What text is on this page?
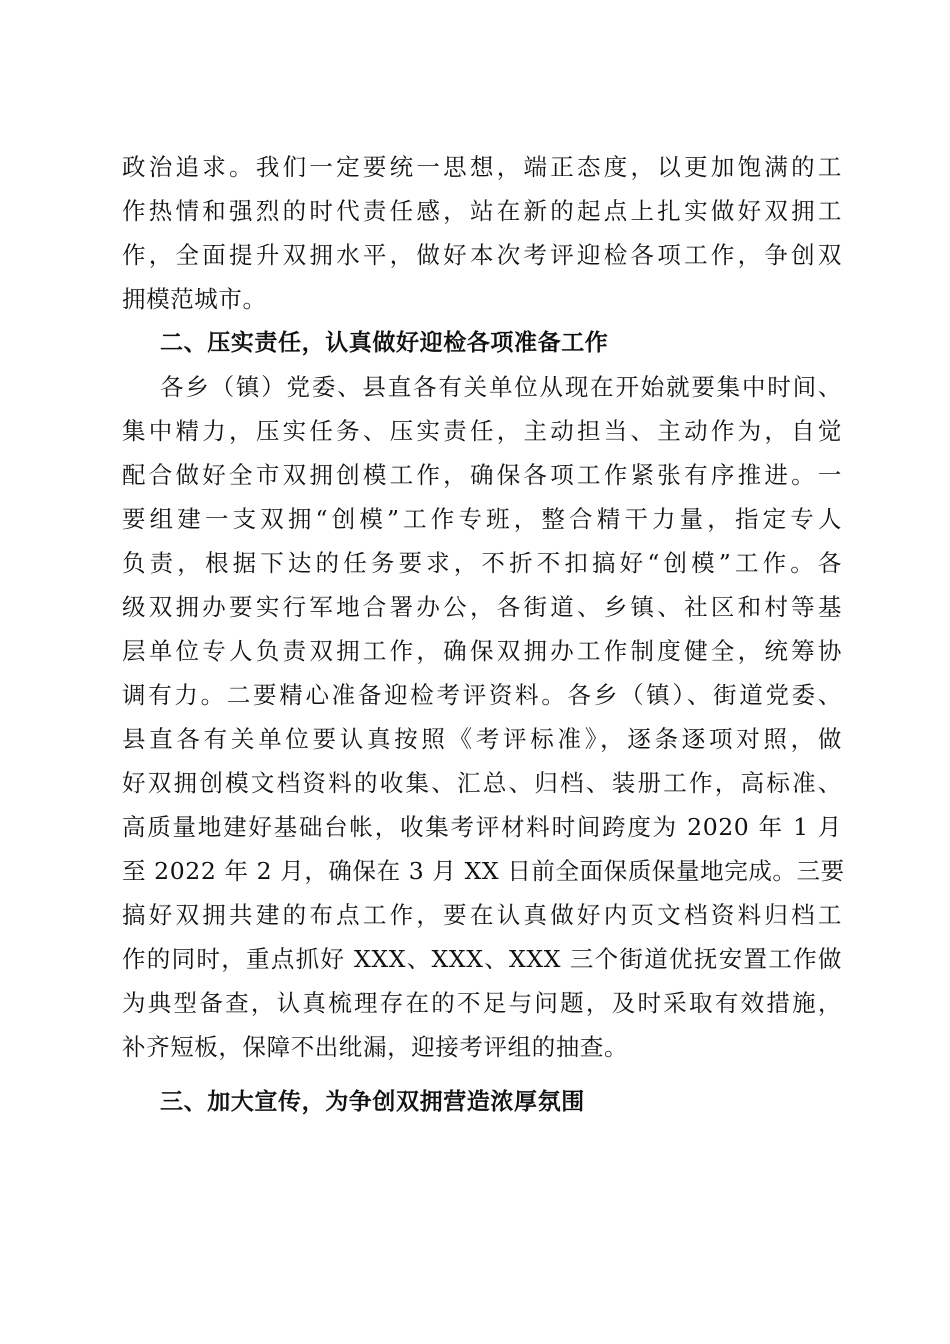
政治追求。我们一定要统一思想，端正态度，以更加饱满的工
作热情和强烈的时代责任感，站在新的起点上扎实做好双拥工
作，全面提升双拥水平，做好本次考评迎检各项工作，争创双
拥模范城市。
二、压实责任，认真做好迎检各项准备工作
各乡（镇）党委、县直各有关单位从现在开始就要集中时间、
集中精力，压实任务、压实责任，主动担当、主动作为，自觉
配合做好全市双拥创模工作，确保各项工作紧张有序推进。一
要组建一支双拥“创模”工作专班，整合精干力量，指定专人
负责，根据下达的任务要求，不折不扣搞好“创模”工作。各
级双拥办要实行军地合署办公，各街道、乡镇、社区和村等基
层单位专人负责双拥工作，确保双拥办工作制度健全，统筹协
调有力。二要精心准备迎检考评资料。各乡（镇）、街道党委、
县直各有关单位要认真按照《考评标准》，逐条逐项对照，做
好双拥创模文档资料的收集、汇总、归档、装册工作，高标准、
高质量地建好基础台帐，收集考评材料时间跨度为 2020 年 1 月
至 2022 年 2 月，确保在 3 月 XX 日前全面保质保量地完成。三要
搞好双拥共建的布点工作，要在认真做好内页文档资料归档工
作的同时，重点抓好 XXX、XXX、XXX 三个街道优抚安置工作做
为典型备查，认真梳理存在的不足与问题，及时采取有效措施，
补齐短板，保障不出纰漏，迎接考评组的抽查。
三、加大宣传，为争创双拥营造浓厚氛围
